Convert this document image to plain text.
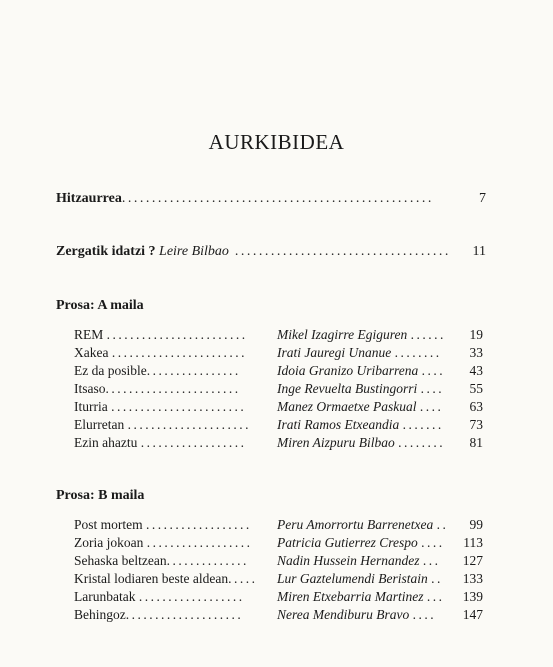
AURKIBIDEA
Hitzaurrea....................................................	7
Zergatik idatzi ? Leire Bilbao .................................... 11
Prosa: A maila
REM ........................	Mikel Izagirre Egiguren ...... 19
Xakea .......................	Irati Jauregi Unanue ........ 33
Ez da posible................	Idoia Granizo Uribarrena .... 43
Itsaso.......................	Inge Revuelta Bustingorri .... 55
Iturria .......................	Manez Ormaetxe Paskual .... 63
Elurretan ..................... Irati Ramos Etxeandia ....... 73
Ezin ahaztu ..................	Miren Aizpuru Bilbao ........ 81
Prosa: B maila
Post mortem .................. Peru Amorrortu Barrenetxea .. 99
Zoria jokoan .................. Patricia Gutierrez Crespo .... 113
Sehaska beltzean.............. Nadin Hussein Hernandez ... 127
Kristal lodiaren beste aldean..... Lur Gaztelumendi Beristain .. 133
Larunbatak ..................	Miren Etxebarria Martinez ... 139
Behingoz....................	Nerea Mendiburu Bravo ....	147
